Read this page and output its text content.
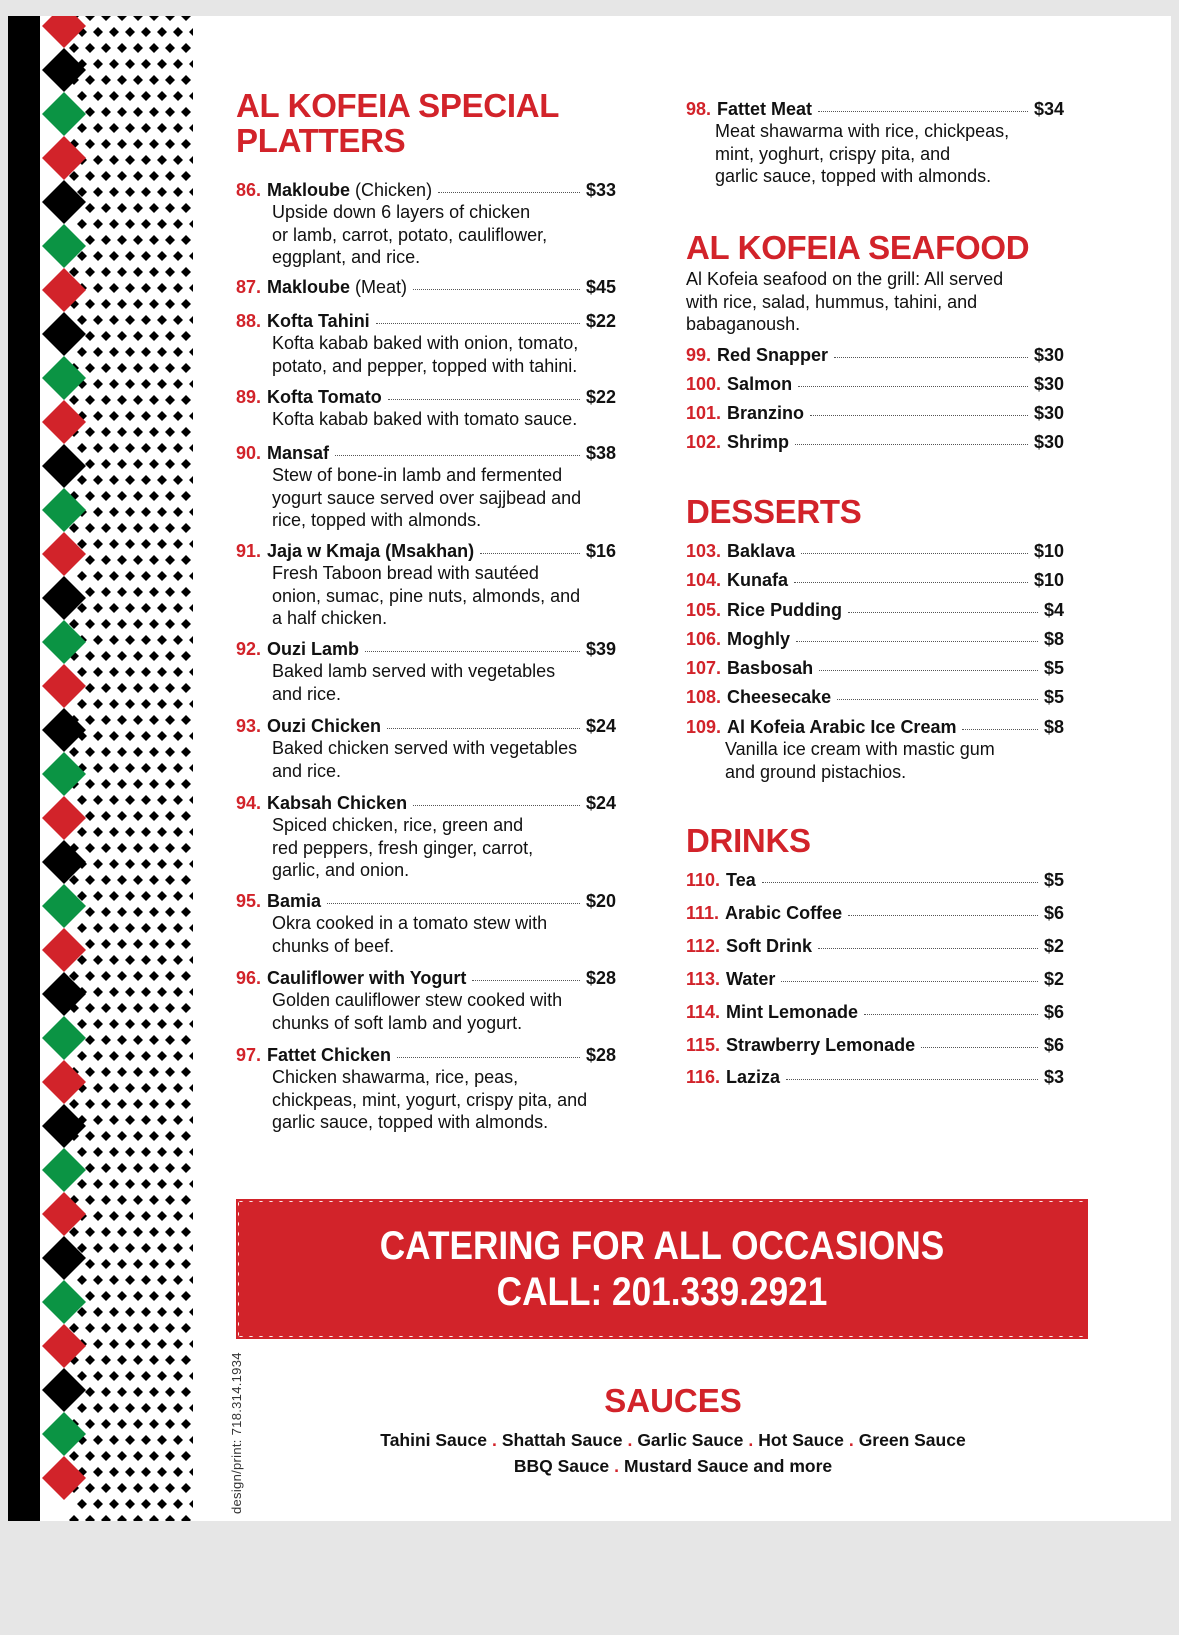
design/print: 718.314.1934
AL KOFEIA SPECIAL
PLATTERS
86. Makloube (Chicken)	$33
Upside down 6 layers of chicken
or lamb, carrot, potato, cauliflower,
eggplant, and rice.
87. Makloube (Meat)	$45
88. Kofta Tahini	$22
Kofta kabab baked with onion, tomato,
potato, and pepper, topped with tahini.
89. Kofta Tomato	$22
Kofta kabab baked with tomato sauce.
90. Mansaf	$38
Stew of bone-in lamb and fermented
yogurt sauce served over sajjbead and
rice, topped with almonds.
91. Jaja w Kmaja (Msakhan)	$16
Fresh Taboon bread with sautéed
onion, sumac, pine nuts, almonds, and
a half chicken.
92. Ouzi Lamb	$39
Baked lamb served with vegetables
and rice.
93. Ouzi Chicken	$24
Baked chicken served with vegetables
and rice.
94. Kabsah Chicken	$24
Spiced chicken, rice, green and
red peppers, fresh ginger, carrot,
garlic, and onion.
95. Bamia	$20
Okra cooked in a tomato stew with
chunks of beef.
96. Cauliflower with Yogurt	$28
Golden cauliflower stew cooked with
chunks of soft lamb and yogurt.
97. Fattet Chicken	$28
Chicken shawarma, rice, peas,
chickpeas, mint, yogurt, crispy pita, and
garlic sauce, topped with almonds.
98. Fattet Meat	$34
Meat shawarma with rice, chickpeas,
mint, yoghurt, crispy pita, and
garlic sauce, topped with almonds.
AL KOFEIA SEAFOOD
Al Kofeia seafood on the grill: All served
with rice, salad, hummus, tahini, and
babaganoush.
99. Red Snapper	$30
100. Salmon	$30
101. Branzino	$30
102. Shrimp	$30
DESSERTS
103. Baklava	$10
104. Kunafa	$10
105. Rice Pudding	$4
106. Moghly	$8
107. Basbosah	$5
108. Cheesecake	$5
109. Al Kofeia Arabic Ice Cream	$8
Vanilla ice cream with mastic gum
and ground pistachios.
DRINKS
110. Tea	$5
111. Arabic Coffee	$6
112. Soft Drink	$2
113. Water	$2
114. Mint Lemonade	$6
115. Strawberry Lemonade	$6
116. Laziza	$3
CATERING FOR ALL OCCASIONS
CALL: 201.339.2921
SAUCES
Tahini Sauce . Shattah Sauce . Garlic Sauce . Hot Sauce . Green Sauce
BBQ Sauce . Mustard Sauce and more
